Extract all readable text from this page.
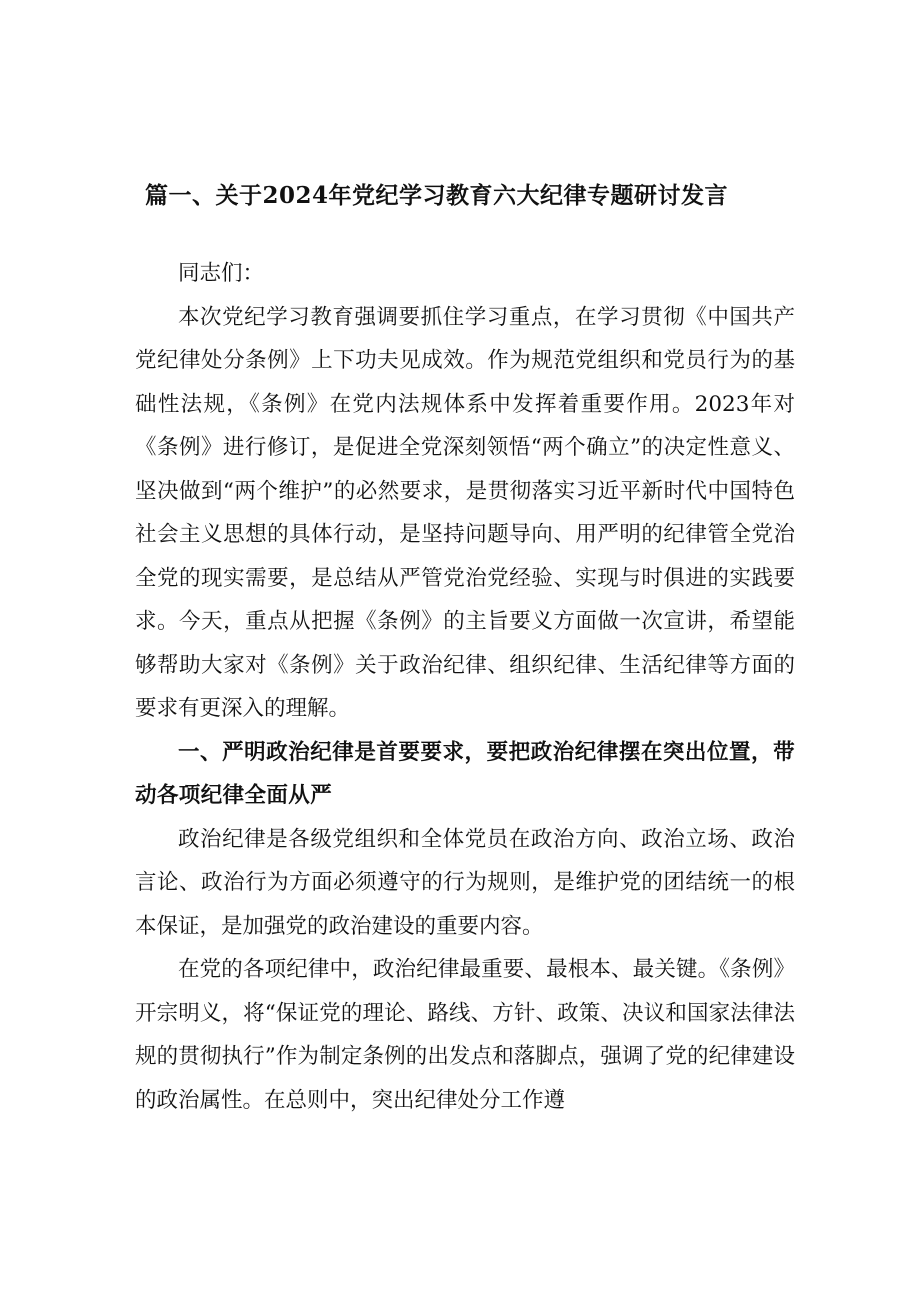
篇一、关于2024年党纪学习教育六大纪律专题研讨发言

同志们：

本次党纪学习教育强调要抓住学习重点，在学习贯彻《中国共产党纪律处分条例》上下功夫见成效。作为规范党组织和党员行为的基础性法规，《条例》在党内法规体系中发挥着重要作用。2023年对《条例》进行修订，是促进全党深刻领悟“两个确立”的决定性意义、坚决做到“两个维护”的必然要求，是贯彻落实习近平新时代中国特色社会主义思想的具体行动，是坚持问题导向、用严明的纪律管全党治全党的现实需要，是总结从严管党治党经验、实现与时俱进的实践要求。今天，重点从把握《条例》的主旨要义方面做一次宣讲，希望能够帮助大家对《条例》关于政治纪律、组织纪律、生活纪律等方面的要求有更深入的理解。

一、严明政治纪律是首要要求，要把政治纪律摆在突出位置，带动各项纪律全面从严

政治纪律是各级党组织和全体党员在政治方向、政治立场、政治言论、政治行为方面必须遵守的行为规则，是维护党的团结统一的根本保证，是加强党的政治建设的重要内容。

在党的各项纪律中，政治纪律最重要、最根本、最关键。《条例》开宗明义，将“保证党的理论、路线、方针、政策、决议和国家法律法规的贯彻执行”作为制定条例的出发点和落脚点，强调了党的纪律建设的政治属性。在总则中，突出纪律处分工作遵
